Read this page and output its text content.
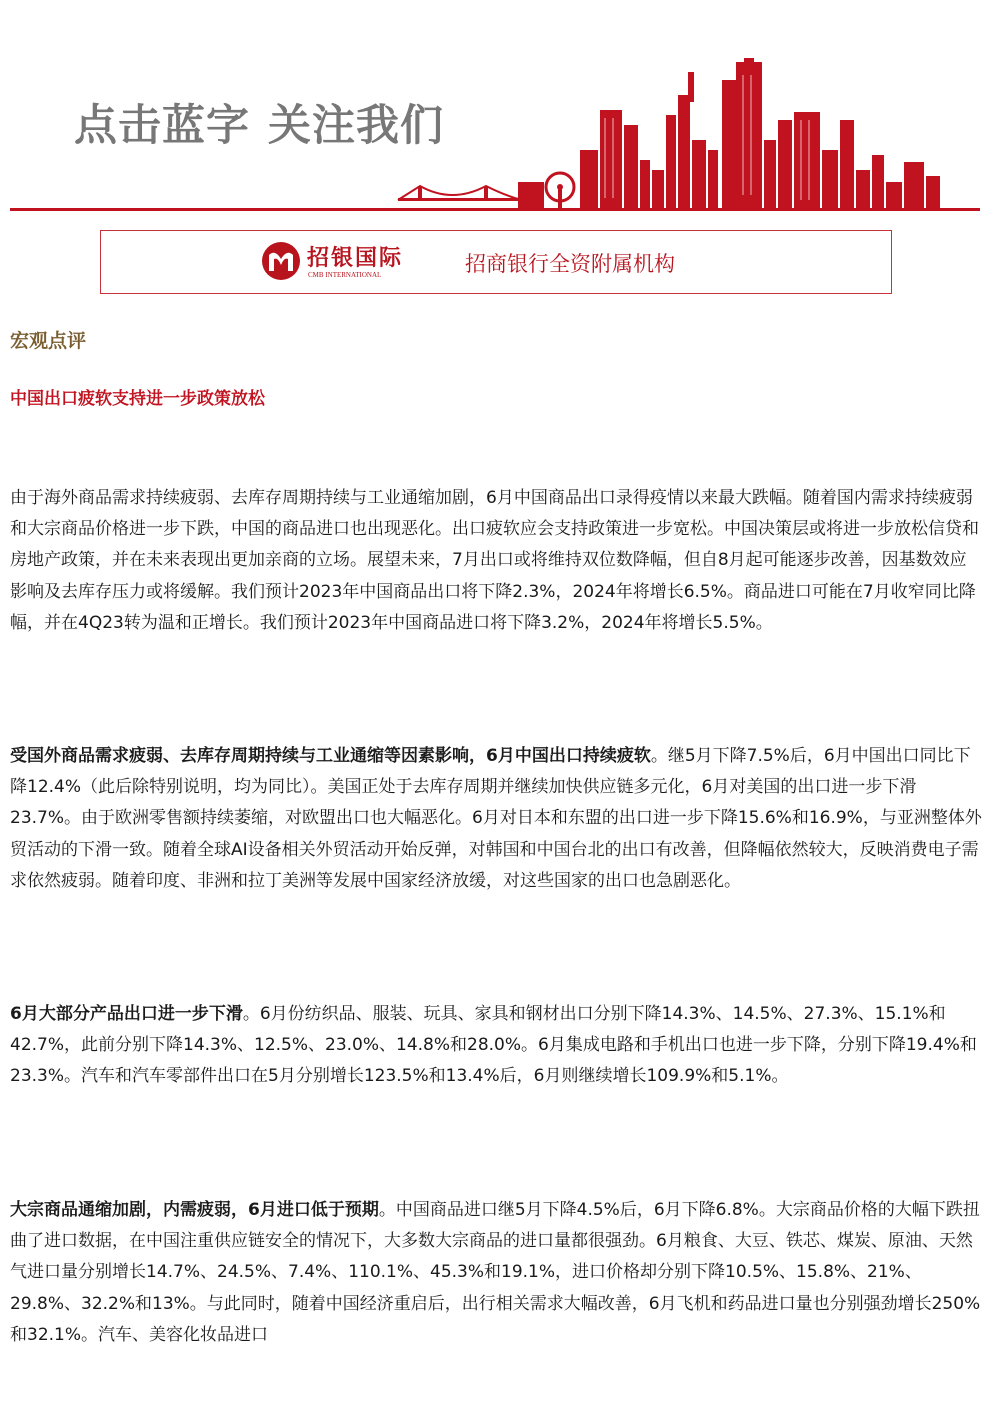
点击蓝字 关注我们
招银国际
CMB INTERNATIONAL	招商银行全资附属机构
宏观点评
中国出口疲软支持进一步政策放松
由于海外商品需求持续疲弱、去库存周期持续与工业通缩加剧，6月中国商品出口录得疫情以来最大跌幅。随着国内需求持续疲弱和大宗商品价格进一步下跌，中国的商品进口也出现恶化。出口疲软应会支持政策进一步宽松。中国决策层或将进一步放松信贷和房地产政策，并在未来表现出更加亲商的立场。展望未来，7月出口或将维持双位数降幅，但自8月起可能逐步改善，因基数效应影响及去库存压力或将缓解。我们预计2023年中国商品出口将下降2.3%，2024年将增长6.5%。商品进口可能在7月收窄同比降幅，并在4Q23转为温和正增长。我们预计2023年中国商品进口将下降3.2%，2024年将增长5.5%。
受国外商品需求疲弱、去库存周期持续与工业通缩等因素影响，6月中国出口持续疲软。继5月下降7.5%后，6月中国出口同比下降12.4%（此后除特别说明，均为同比）。美国正处于去库存周期并继续加快供应链多元化，6月对美国的出口进一步下滑23.7%。由于欧洲零售额持续萎缩，对欧盟出口也大幅恶化。6月对日本和东盟的出口进一步下降15.6%和16.9%，与亚洲整体外贸活动的下滑一致。随着全球AI设备相关外贸活动开始反弹，对韩国和中国台北的出口有改善，但降幅依然较大，反映消费电子需求依然疲弱。随着印度、非洲和拉丁美洲等发展中国家经济放缓，对这些国家的出口也急剧恶化。
6月大部分产品出口进一步下滑。6月份纺织品、服装、玩具、家具和钢材出口分别下降14.3%、14.5%、27.3%、15.1%和42.7%，此前分别下降14.3%、12.5%、23.0%、14.8%和28.0%。6月集成电路和手机出口也进一步下降，分别下降19.4%和23.3%。汽车和汽车零部件出口在5月分别增长123.5%和13.4%后，6月则继续增长109.9%和5.1%。
大宗商品通缩加剧，内需疲弱，6月进口低于预期。中国商品进口继5月下降4.5%后，6月下降6.8%。大宗商品价格的大幅下跌扭曲了进口数据，在中国注重供应链安全的情况下，大多数大宗商品的进口量都很强劲。6月粮食、大豆、铁芯、煤炭、原油、天然气进口量分别增长14.7%、24.5%、7.4%、110.1%、45.3%和19.1%，进口价格却分别下降10.5%、15.8%、21%、29.8%、32.2%和13%。与此同时，随着中国经济重启后，出行相关需求大幅改善，6月飞机和药品进口量也分别强劲增长250%和32.1%。汽车、美容化妆品进口
